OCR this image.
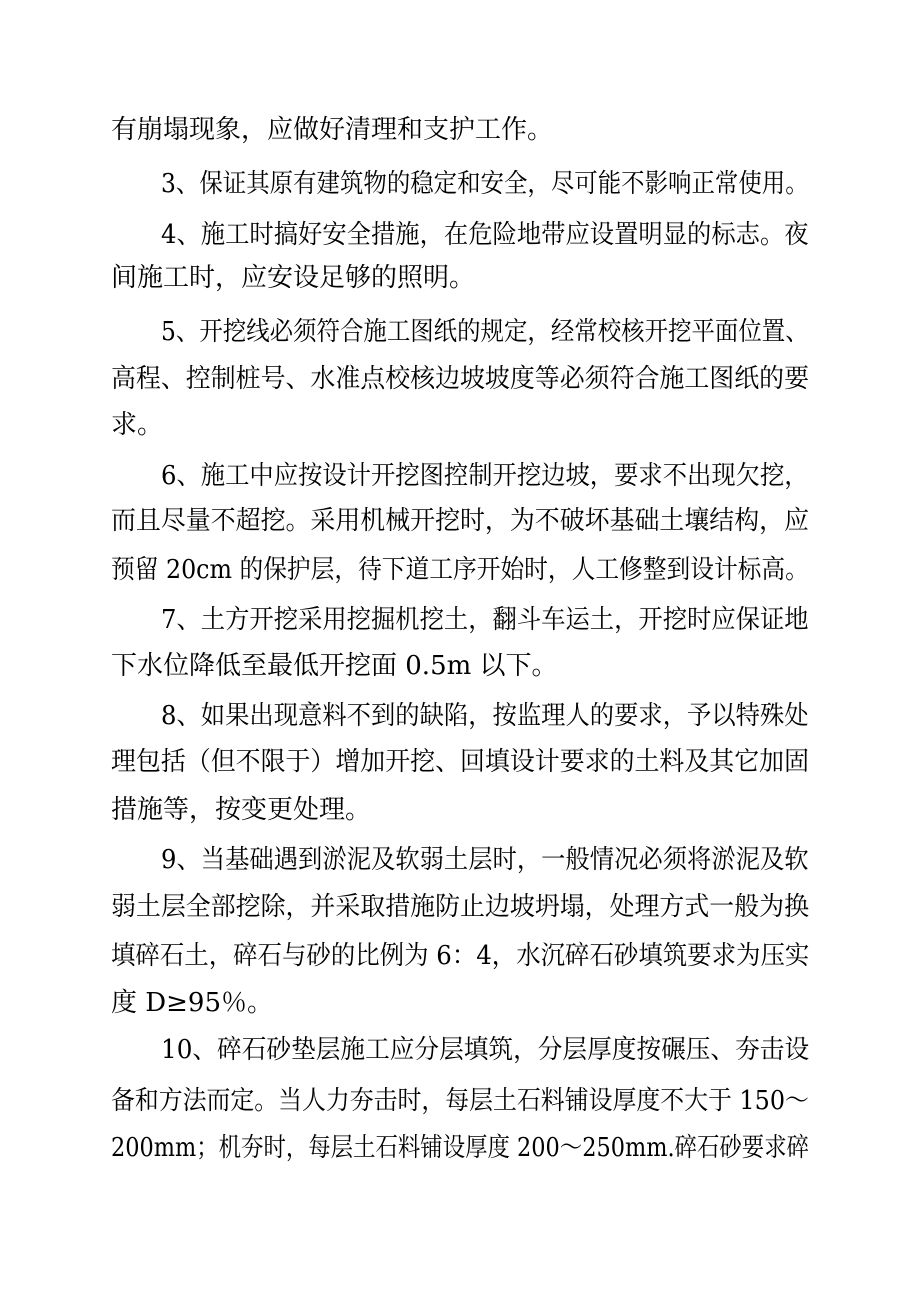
有崩塌现象，应做好清理和支护工作。
3、保证其原有建筑物的稳定和安全，尽可能不影响正常使用。
4、施工时搞好安全措施，在危险地带应设置明显的标志。夜
间施工时，应安设足够的照明。
5、开挖线必须符合施工图纸的规定，经常校核开挖平面位置、
高程、控制桩号、水准点校核边坡坡度等必须符合施工图纸的要
求。
6、施工中应按设计开挖图控制开挖边坡，要求不出现欠挖，
而且尽量不超挖。采用机械开挖时，为不破坏基础土壤结构，应
预留 20cm 的保护层，待下道工序开始时，人工修整到设计标高。
7、土方开挖采用挖掘机挖土，翻斗车运土，开挖时应保证地
下水位降低至最低开挖面 0.5m 以下。
8、如果出现意料不到的缺陷，按监理人的要求，予以特殊处
理包括（但不限于）增加开挖、回填设计要求的土料及其它加固
措施等，按变更处理。
9、当基础遇到淤泥及软弱土层时，一般情况必须将淤泥及软
弱土层全部挖除，并采取措施防止边坡坍塌，处理方式一般为换
填碎石土，碎石与砂的比例为 6：4，水沉碎石砂填筑要求为压实
度 D≥95％。
10、碎石砂垫层施工应分层填筑，分层厚度按碾压、夯击设
备和方法而定。当人力夯击时，每层土石料铺设厚度不大于 150～
200mm；机夯时，每层土石料铺设厚度 200～250mm.碎石砂要求碎
